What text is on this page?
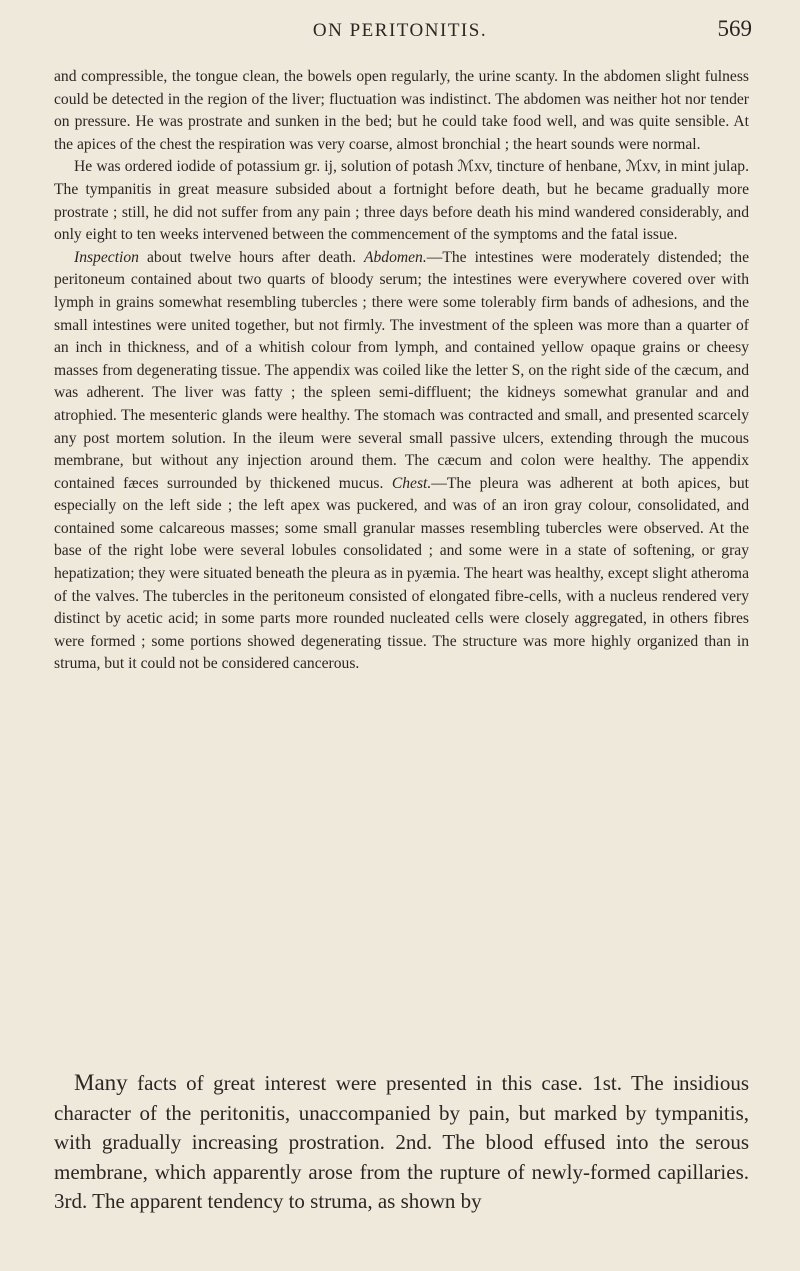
ON PERITONITIS.	569

and compressible, the tongue clean, the bowels open regularly, the urine scanty. In the abdomen slight fulness could be detected in the region of the liver; fluctuation was indistinct. The abdomen was neither hot nor tender on pressure. He was prostrate and sunken in the bed; but he could take food well, and was quite sensible. At the apices of the chest the respiration was very coarse, almost bronchial ; the heart sounds were normal.

He was ordered iodide of potassium gr. ij, solution of potash ℳxv, tincture of henbane, ℳxv, in mint julap. The tympanitis in great measure subsided about a fortnight before death, but he became gradually more prostrate ; still, he did not suffer from any pain ; three days before death his mind wandered considerably, and only eight to ten weeks intervened between the commencement of the symptoms and the fatal issue.

Inspection about twelve hours after death. Abdomen.—The intestines were moderately distended; the peritoneum contained about two quarts of bloody serum; the intestines were everywhere covered over with lymph in grains somewhat resembling tubercles ; there were some tolerably firm bands of adhesions, and the small intestines were united together, but not firmly. The investment of the spleen was more than a quarter of an inch in thickness, and of a whitish colour from lymph, and contained yellow opaque grains or cheesy masses from degenerating tissue. The appendix was coiled like the letter S, on the right side of the cæcum, and was adherent. The liver was fatty ; the spleen semi-diffluent; the kidneys somewhat granular and and atrophied. The mesenteric glands were healthy. The stomach was contracted and small, and presented scarcely any post mortem solution. In the ileum were several small passive ulcers, extending through the mucous membrane, but without any injection around them. The cæcum and colon were healthy. The appendix contained fæces surrounded by thickened mucus. Chest.—The pleura was adherent at both apices, but especially on the left side ; the left apex was puckered, and was of an iron gray colour, consolidated, and contained some calcareous masses; some small granular masses resembling tubercles were observed. At the base of the right lobe were several lobules consolidated ; and some were in a state of softening, or gray hepatization; they were situated beneath the pleura as in pyæmia. The heart was healthy, except slight atheroma of the valves. The tubercles in the peritoneum consisted of elongated fibre-cells, with a nucleus rendered very distinct by acetic acid; in some parts more rounded nucleated cells were closely aggregated, in others fibres were formed ; some portions showed degenerating tissue. The structure was more highly organized than in struma, but it could not be considered cancerous.

Many facts of great interest were presented in this case. 1st. The insidious character of the peritonitis, unaccompanied by pain, but marked by tympanitis, with gradually increasing prostration. 2nd. The blood effused into the serous membrane, which apparently arose from the rupture of newly-formed capillaries. 3rd. The apparent tendency to struma, as shown by
